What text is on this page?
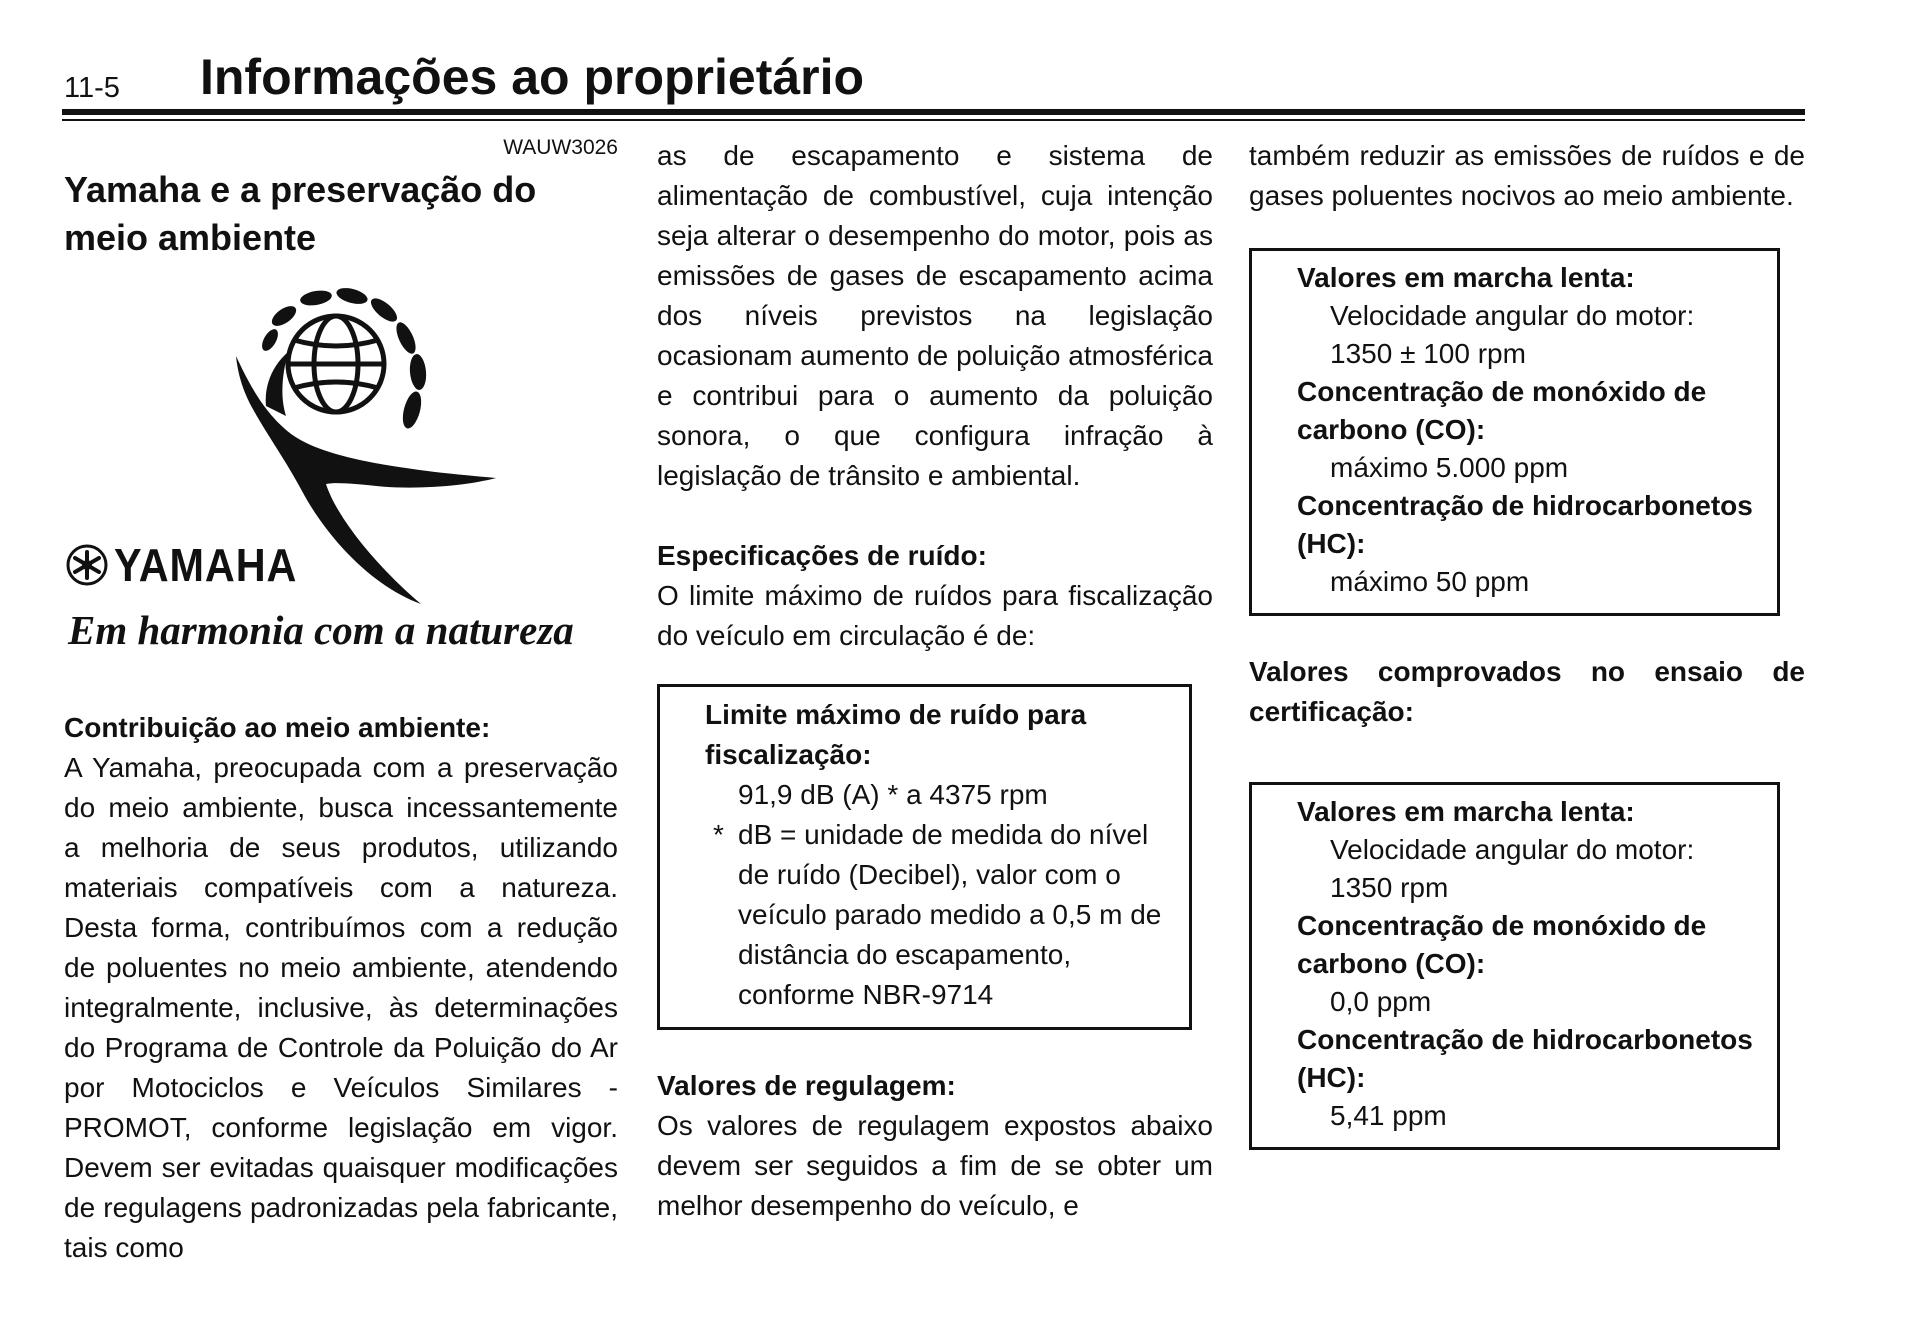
11-5 Informações ao proprietário
WAUW3026
Yamaha e a preservação do meio ambiente
YAMAHA
Em harmonia com a natureza

Contribuição ao meio ambiente:

A Yamaha, preocupada com a preservação do meio ambiente, busca incessantemente a melhoria de seus produtos, utilizando materiais compatíveis com a natureza. Desta forma, contribuímos com a redução de poluentes no meio ambiente, atendendo integralmente, inclusive, às determinações do Programa de Controle da Poluição do Ar por Motociclos e Veículos Similares - PROMOT, conforme legislação em vigor. Devem ser evitadas quaisquer modificações de regulagens padronizadas pela fabricante, tais como

as de escapamento e sistema de alimentação de combustível, cuja intenção seja alterar o desempenho do motor, pois as emissões de gases de escapamento acima dos níveis previstos na legislação ocasionam aumento de poluição atmosférica e contribui para o aumento da poluição sonora, o que configura infração à legislação de trânsito e ambiental.

Especificações de ruído:

O limite máximo de ruídos para fiscalização do veículo em circulação é de:

Limite máximo de ruído para fiscalização:
91,9 dB (A) * a 4375 rpm
* dB = unidade de medida do nível de ruído (Decibel), valor com o veículo parado medido a 0,5 m de distância do escapamento, conforme NBR-9714

Valores de regulagem:

Os valores de regulagem expostos abaixo devem ser seguidos a fim de se obter um melhor desempenho do veículo, e

também reduzir as emissões de ruídos e de gases poluentes nocivos ao meio ambiente.

Valores em marcha lenta:
Velocidade angular do motor:
1350 ± 100 rpm
Concentração de monóxido de carbono (CO):
máximo 5.000 ppm
Concentração de hidrocarbonetos (HC):
máximo 50 ppm

Valores comprovados no ensaio de certificação:

Valores em marcha lenta:
Velocidade angular do motor:
1350 rpm
Concentração de monóxido de carbono (CO):
0,0 ppm
Concentração de hidrocarbonetos (HC):
5,41 ppm
